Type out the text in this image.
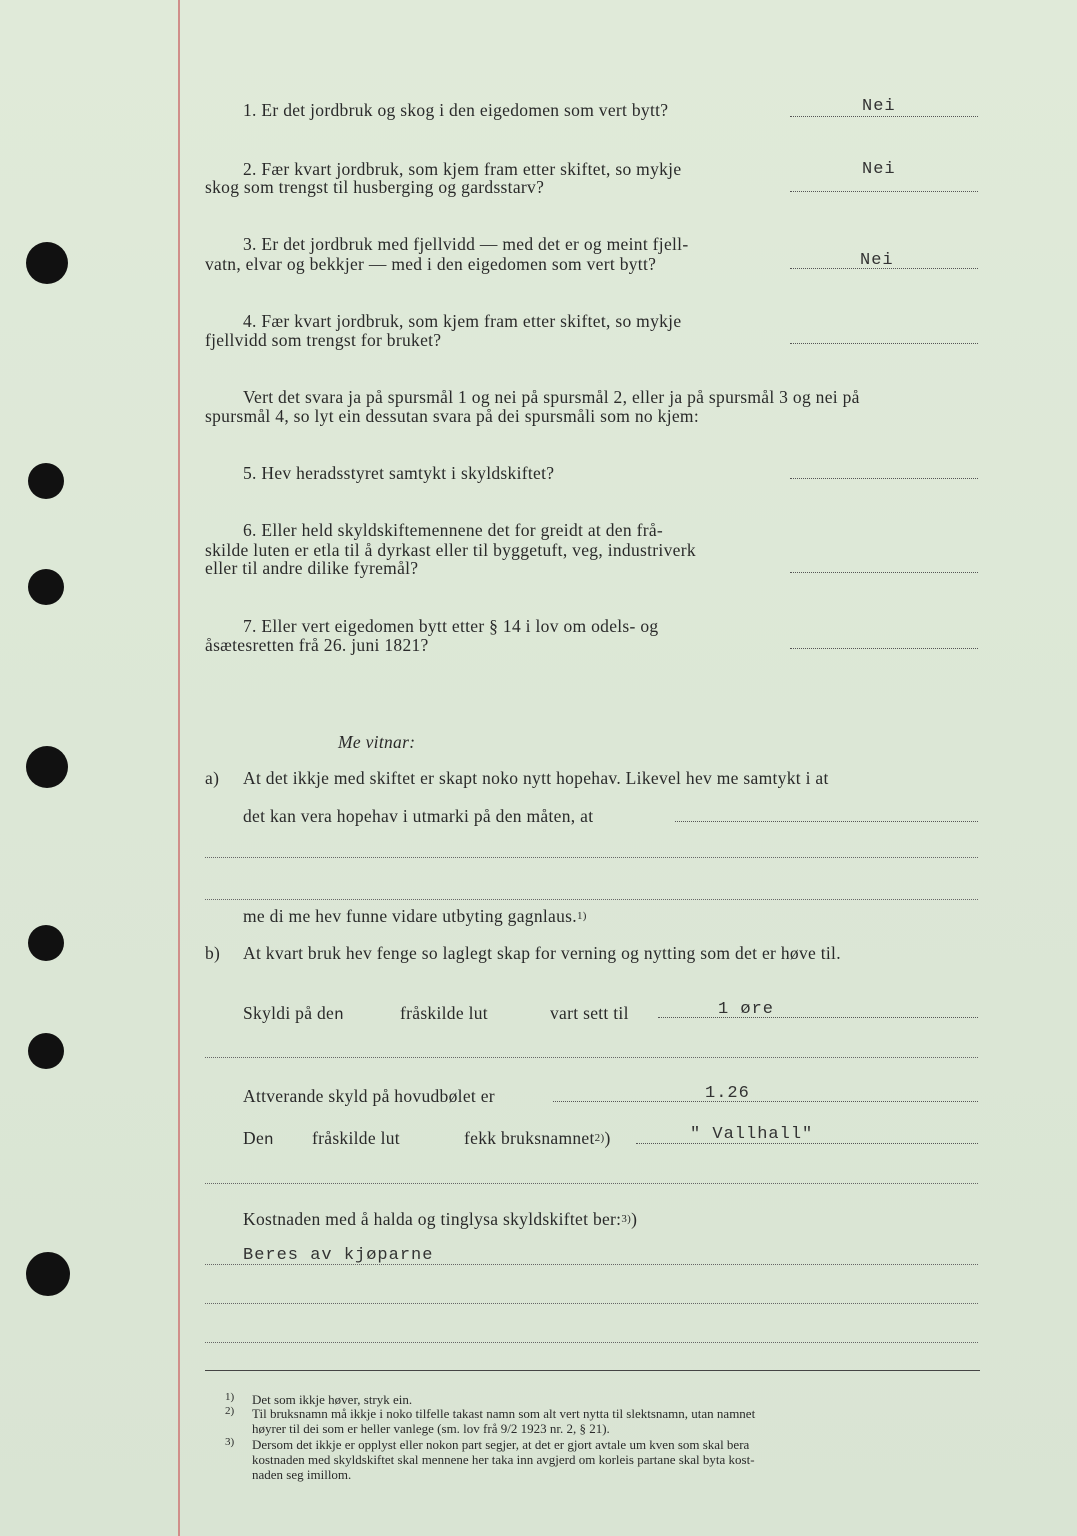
1. Er det jordbruk og skog i den eigedomen som vert bytt?	Nei
2. Fær kvart jordbruk, som kjem fram etter skiftet, so mykje
skog som trengst til husberging og gardsstarv?
Nei
3. Er det jordbruk med fjellvidd — med det er og meint fjell-
vatn, elvar og bekkjer — med i den eigedomen som vert bytt?	Nei
4. Fær kvart jordbruk, som kjem fram etter skiftet, so mykje
fjellvidd som trengst for bruket?
Vert det svara ja på spursmål 1 og nei på spursmål 2, eller ja på spursmål 3 og nei på
spursmål 4, so lyt ein dessutan svara på dei spursmåli som no kjem:
5. Hev heradsstyret samtykt i skyldskiftet?
6. Eller held skyldskiftemennene det for greidt at den frå-
skilde luten er etla til å dyrkast eller til byggetuft, veg, industriverk
eller til andre dilike fyremål?
7. Eller vert eigedomen bytt etter § 14 i lov om odels- og
åsætesretten frå 26. juni 1821?
Me vitnar:
a) At det ikkje med skiftet er skapt noko nytt hopehav. Likevel hev me samtykt i at
det kan vera hopehav i utmarki på den måten, at
me di me hev funne vidare utbyting gagnlaus.$^{1)}$
b) At kvart bruk hev fenge so laglegt skap for verning og nytting som det er høve til.
Skyldi på den	fråskilde lut	vart sett til	1 øre
Attverande skyld på hovudbølet er	1.26
Den fråskilde lut	fekk bruksnamnet$^{2)}$)	" Vallhall"
Kostnaden med å halda og tinglysa skyldskiftet ber:$^{3)}$)
Beres av kjøparne
1) Det som ikkje høver, stryk ein.
2) Til bruksnamn må ikkje i noko tilfelle takast namn som alt vert nytta til slektsnamn, utan namnet
høyrer til dei som er heller vanlege (sm. lov frå 9/2 1923 nr. 2, § 21).
3) Dersom det ikkje er opplyst eller nokon part segjer, at det er gjort avtale um kven som skal bera
kostnaden med skyldskiftet skal mennene her taka inn avgjerd om korleis partane skal byta kost-
naden seg imillom.
